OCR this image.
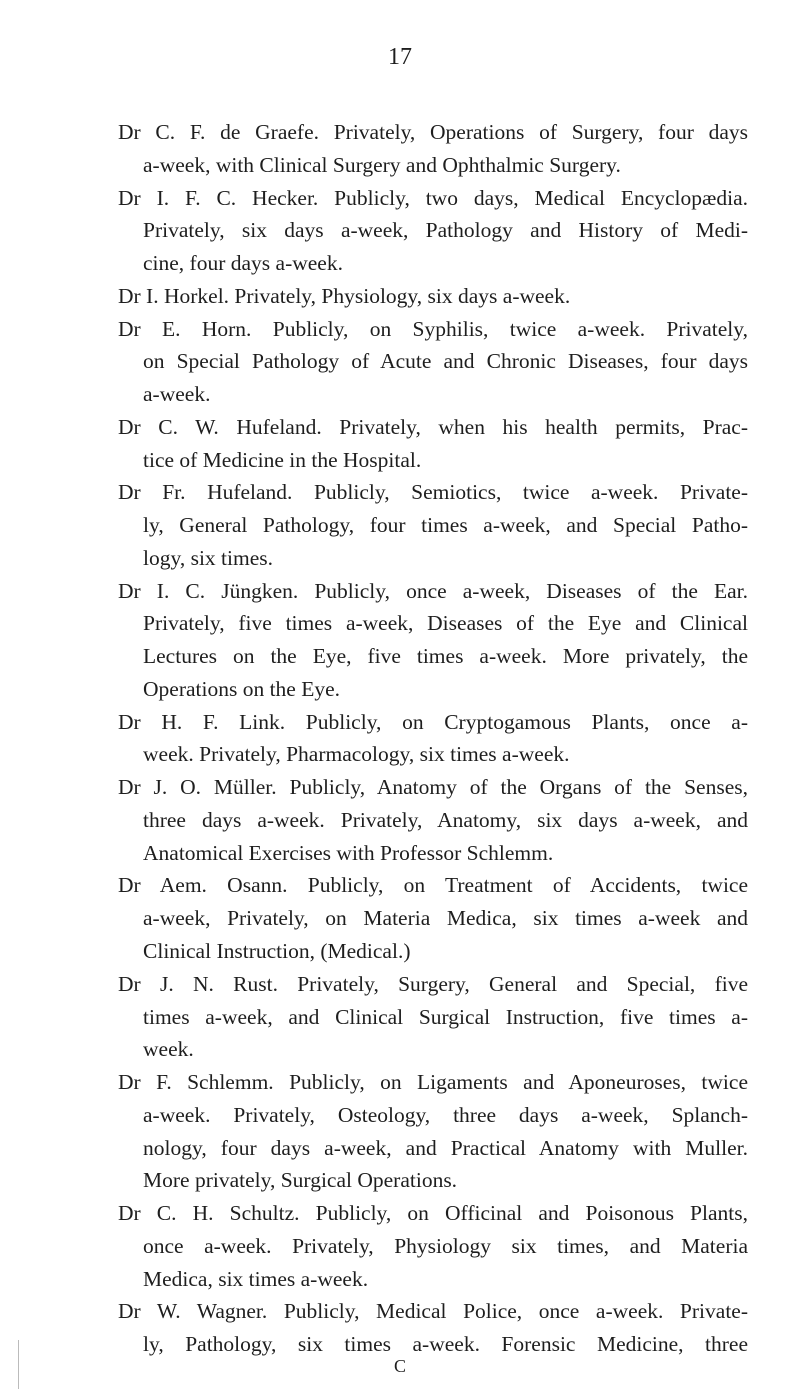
17
Dr C. F. de Graefe. Privately, Operations of Surgery, four days
a-week, with Clinical Surgery and Ophthalmic Surgery.
Dr I. F. C. Hecker. Publicly, two days, Medical Encyclopædia.
Privately, six days a-week, Pathology and History of Medi-
cine, four days a-week.
Dr I. Horkel. Privately, Physiology, six days a-week.
Dr E. Horn. Publicly, on Syphilis, twice a-week. Privately,
on Special Pathology of Acute and Chronic Diseases, four days
a-week.
Dr C. W. Hufeland. Privately, when his health permits, Prac-
tice of Medicine in the Hospital.
Dr Fr. Hufeland. Publicly, Semiotics, twice a-week. Private-
ly, General Pathology, four times a-week, and Special Patho-
logy, six times.
Dr I. C. Jüngken. Publicly, once a-week, Diseases of the Ear.
Privately, five times a-week, Diseases of the Eye and Clinical
Lectures on the Eye, five times a-week. More privately, the
Operations on the Eye.
Dr H. F. Link. Publicly, on Cryptogamous Plants, once a-
week. Privately, Pharmacology, six times a-week.
Dr J. O. Müller. Publicly, Anatomy of the Organs of the Senses,
three days a-week. Privately, Anatomy, six days a-week, and
Anatomical Exercises with Professor Schlemm.
Dr Aem. Osann. Publicly, on Treatment of Accidents, twice
a-week, Privately, on Materia Medica, six times a-week and
Clinical Instruction, (Medical.)
Dr J. N. Rust. Privately, Surgery, General and Special, five
times a-week, and Clinical Surgical Instruction, five times a-
week.
Dr F. Schlemm. Publicly, on Ligaments and Aponeuroses, twice
a-week. Privately, Osteology, three days a-week, Splanch-
nology, four days a-week, and Practical Anatomy with Muller.
More privately, Surgical Operations.
Dr C. H. Schultz. Publicly, on Officinal and Poisonous Plants,
once a-week. Privately, Physiology six times, and Materia
Medica, six times a-week.
Dr W. Wagner. Publicly, Medical Police, once a-week. Private-
ly, Pathology, six times a-week. Forensic Medicine, three
C
